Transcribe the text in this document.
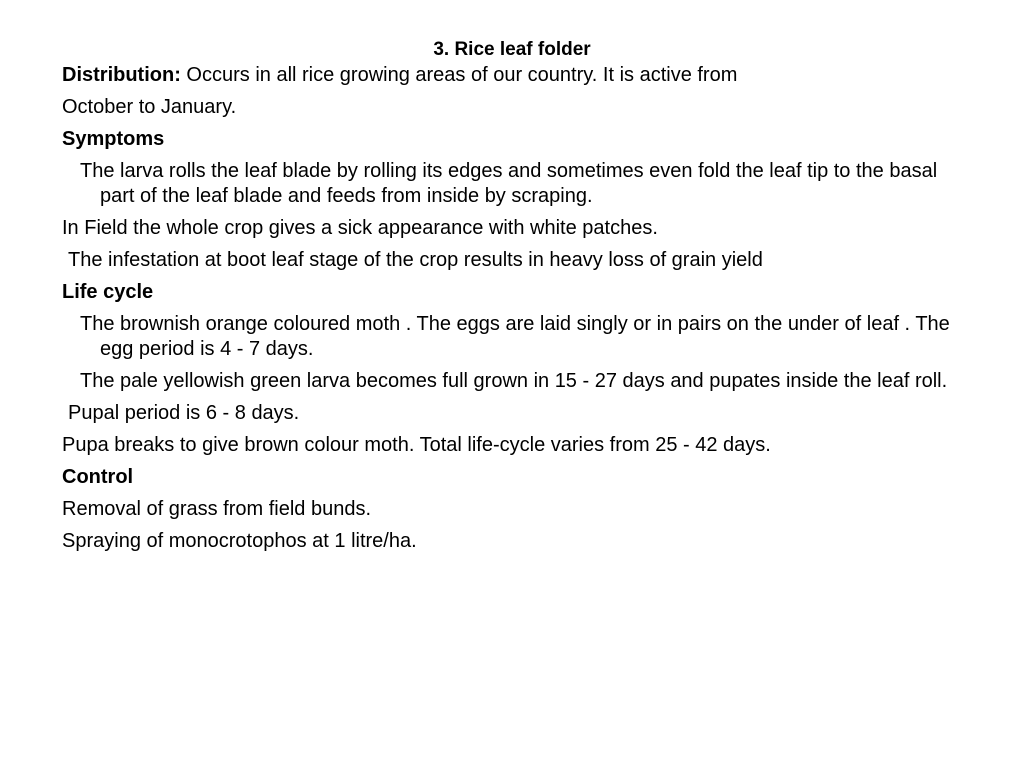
3. Rice leaf folder

Distribution: Occurs in all rice growing areas of our country. It is active from

October to January.

Symptoms

The larva rolls the leaf blade by rolling its edges and sometimes even fold the leaf tip to the basal part of the leaf blade and feeds from inside by scraping.

In Field the whole crop gives a sick appearance with white patches.

The infestation at boot leaf stage of the crop results in heavy loss of grain yield

Life cycle

The brownish orange coloured moth . The eggs are laid singly or in pairs on the under of leaf . The egg period is 4 - 7 days.

The pale yellowish green larva becomes full grown in 15 - 27 days and pupates inside the leaf roll.

Pupal period is 6 - 8 days.

Pupa breaks to give brown colour moth. Total life-cycle varies from 25 - 42 days.

Control

Removal of grass from field bunds.

Spraying of monocrotophos at 1 litre/ha.
